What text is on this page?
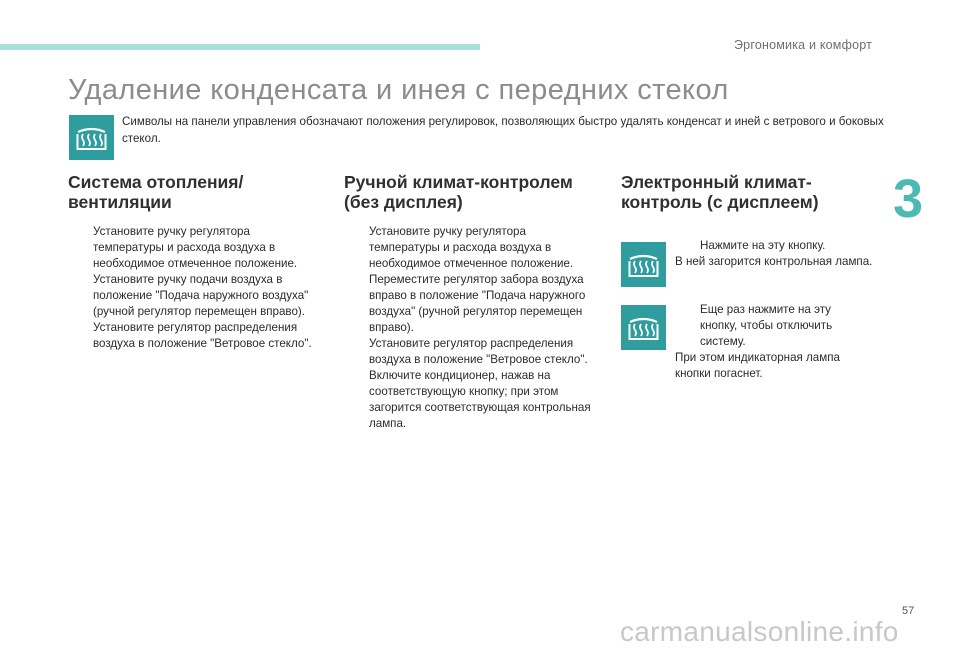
Эргономика и комфорт
3
Удаление конденсата и инея с передних стекол
Символы на панели управления обозначают положения регулировок, позволяющих быстро удалять конденсат и иней с ветрового и боковых стекол.
Система отопления/
вентиляции
Установите ручку регулятора температуры и расхода воздуха в необходимое отмеченное положение.
Установите ручку подачи воздуха в положение "Подача наружного воздуха" (ручной регулятор перемещен вправо).
Установите регулятор распределения воздуха в положение "Ветровое стекло".
Ручной климат-контролем
(без дисплея)
Установите ручку регулятора температуры и расхода воздуха в необходимое отмеченное положение.
Переместите регулятор забора воздуха вправо в положение "Подача наружного воздуха" (ручной регулятор перемещен вправо).
Установите регулятор распределения воздуха в положение "Ветровое стекло".
Включите кондиционер, нажав на соответствующую кнопку; при этом загорится соответствующая контрольная лампа.
Электронный климат-
контроль (с дисплеем)
Нажмите на эту кнопку.
В ней загорится контрольная лампа.
Еще раз нажмите на эту кнопку, чтобы отключить систему.
При этом индикаторная лампа кнопки погаснет.
57
carmanualsonline.info
